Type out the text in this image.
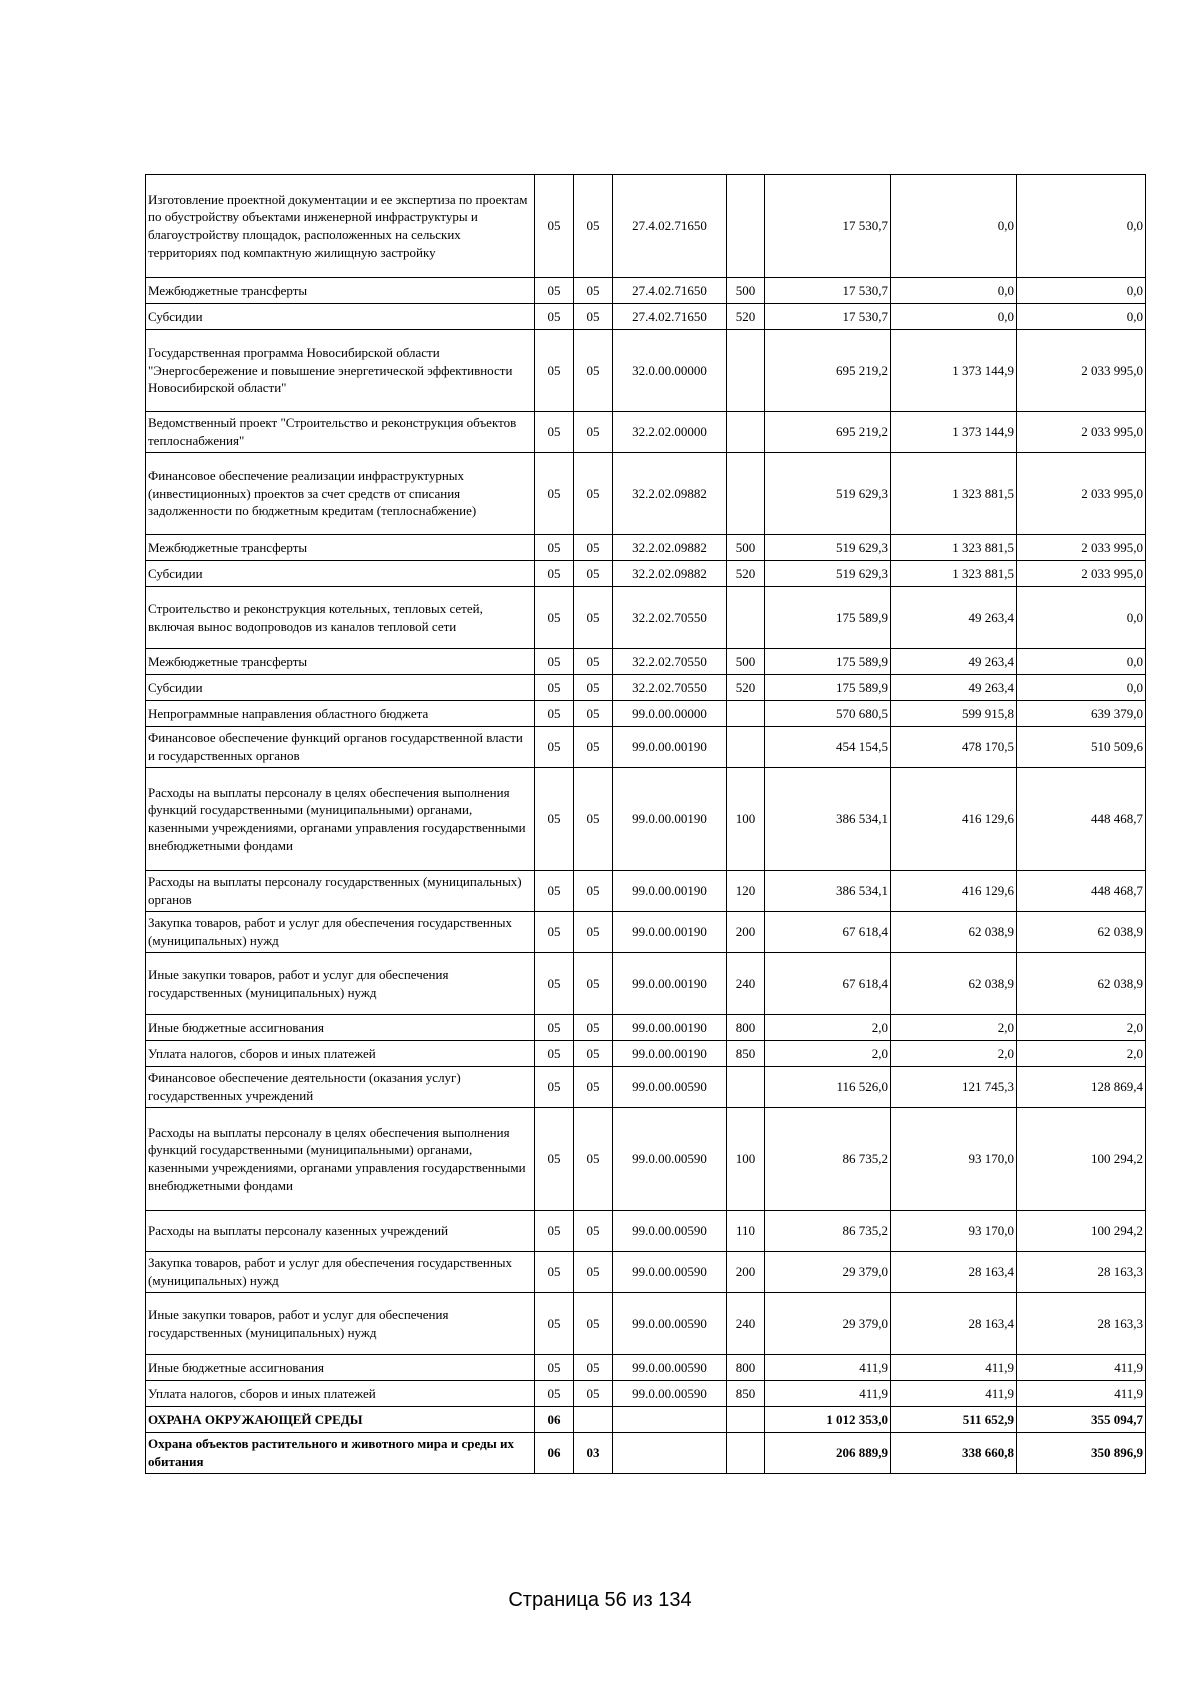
Изготовление проектной документации и ее экспертиза по проектам по обустройству объектами инженерной инфраструктуры и благоустройству площадок, расположенных на сельских территориях под компактную жилищную застройку	05	05	27.4.02.71650		17 530,7	0,0	0,0
Межбюджетные трансферты	05	05	27.4.02.71650	500	17 530,7	0,0	0,0
Субсидии	05	05	27.4.02.71650	520	17 530,7	0,0	0,0
Государственная программа Новосибирской области "Энергосбережение и повышение энергетической эффективности Новосибирской области"	05	05	32.0.00.00000		695 219,2	1 373 144,9	2 033 995,0
Ведомственный проект "Строительство и реконструкция объектов теплоснабжения"	05	05	32.2.02.00000		695 219,2	1 373 144,9	2 033 995,0
Финансовое обеспечение реализации инфраструктурных (инвестиционных) проектов за счет средств от списания задолженности по бюджетным кредитам (теплоснабжение)	05	05	32.2.02.09882		519 629,3	1 323 881,5	2 033 995,0
Межбюджетные трансферты	05	05	32.2.02.09882	500	519 629,3	1 323 881,5	2 033 995,0
Субсидии	05	05	32.2.02.09882	520	519 629,3	1 323 881,5	2 033 995,0
Строительство и реконструкция котельных, тепловых сетей, включая вынос водопроводов из каналов тепловой сети	05	05	32.2.02.70550		175 589,9	49 263,4	0,0
Межбюджетные трансферты	05	05	32.2.02.70550	500	175 589,9	49 263,4	0,0
Субсидии	05	05	32.2.02.70550	520	175 589,9	49 263,4	0,0
Непрограммные направления областного бюджета	05	05	99.0.00.00000		570 680,5	599 915,8	639 379,0
Финансовое обеспечение функций органов государственной власти и государственных органов	05	05	99.0.00.00190		454 154,5	478 170,5	510 509,6
Расходы на выплаты персоналу в целях обеспечения выполнения функций государственными (муниципальными) органами, казенными учреждениями, органами управления государственными внебюджетными фондами	05	05	99.0.00.00190	100	386 534,1	416 129,6	448 468,7
Расходы на выплаты персоналу государственных (муниципальных) органов	05	05	99.0.00.00190	120	386 534,1	416 129,6	448 468,7
Закупка товаров, работ и услуг для обеспечения государственных (муниципальных) нужд	05	05	99.0.00.00190	200	67 618,4	62 038,9	62 038,9
Иные закупки товаров, работ и услуг для обеспечения государственных (муниципальных) нужд	05	05	99.0.00.00190	240	67 618,4	62 038,9	62 038,9
Иные бюджетные ассигнования	05	05	99.0.00.00190	800	2,0	2,0	2,0
Уплата налогов, сборов и иных платежей	05	05	99.0.00.00190	850	2,0	2,0	2,0
Финансовое обеспечение деятельности (оказания услуг) государственных учреждений	05	05	99.0.00.00590		116 526,0	121 745,3	128 869,4
Расходы на выплаты персоналу в целях обеспечения выполнения функций государственными (муниципальными) органами, казенными учреждениями, органами управления государственными внебюджетными фондами	05	05	99.0.00.00590	100	86 735,2	93 170,0	100 294,2
Расходы на выплаты персоналу казенных учреждений	05	05	99.0.00.00590	110	86 735,2	93 170,0	100 294,2
Закупка товаров, работ и услуг для обеспечения государственных (муниципальных) нужд	05	05	99.0.00.00590	200	29 379,0	28 163,4	28 163,3
Иные закупки товаров, работ и услуг для обеспечения государственных (муниципальных) нужд	05	05	99.0.00.00590	240	29 379,0	28 163,4	28 163,3
Иные бюджетные ассигнования	05	05	99.0.00.00590	800	411,9	411,9	411,9
Уплата налогов, сборов и иных платежей	05	05	99.0.00.00590	850	411,9	411,9	411,9
ОХРАНА ОКРУЖАЮЩЕЙ СРЕДЫ	06				1 012 353,0	511 652,9	355 094,7
Охрана объектов растительного и животного мира и среды их обитания	06	03			206 889,9	338 660,8	350 896,9
Страница 56 из 134
